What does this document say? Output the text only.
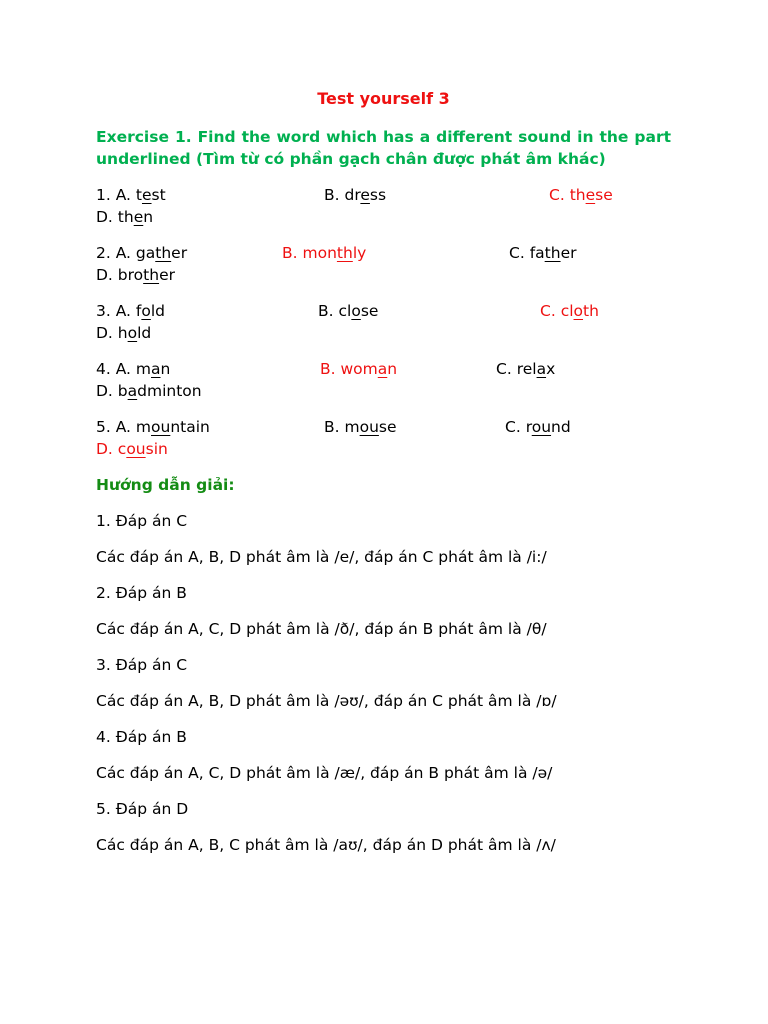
Test yourself 3
Exercise 1. Find the word which has a different sound in the part underlined (Tìm từ có phần gạch chân được phát âm khác)
1. A. test	B. dress	C. these
D. then
2. A. gather	B. monthly	C. father
D. brother
3. A. fold	B. close	C. cloth
D. hold
4. A. man	B. woman	C. relax
D. badminton
5. A. mountain	B. mouse	C. round
D. cousin
Hướng dẫn giải:
1. Đáp án C
Các đáp án A, B, D phát âm là /e/, đáp án C phát âm là /i:/
2. Đáp án B
Các đáp án A, C, D phát âm là /ð/, đáp án B phát âm là /θ/
3. Đáp án C
Các đáp án A, B, D phát âm là /əʊ/, đáp án C phát âm là /ɒ/
4. Đáp án B
Các đáp án A, C, D phát âm là /æ/, đáp án B phát âm là /ə/
5. Đáp án D
Các đáp án A, B, C phát âm là /aʊ/, đáp án D phát âm là /ʌ/
